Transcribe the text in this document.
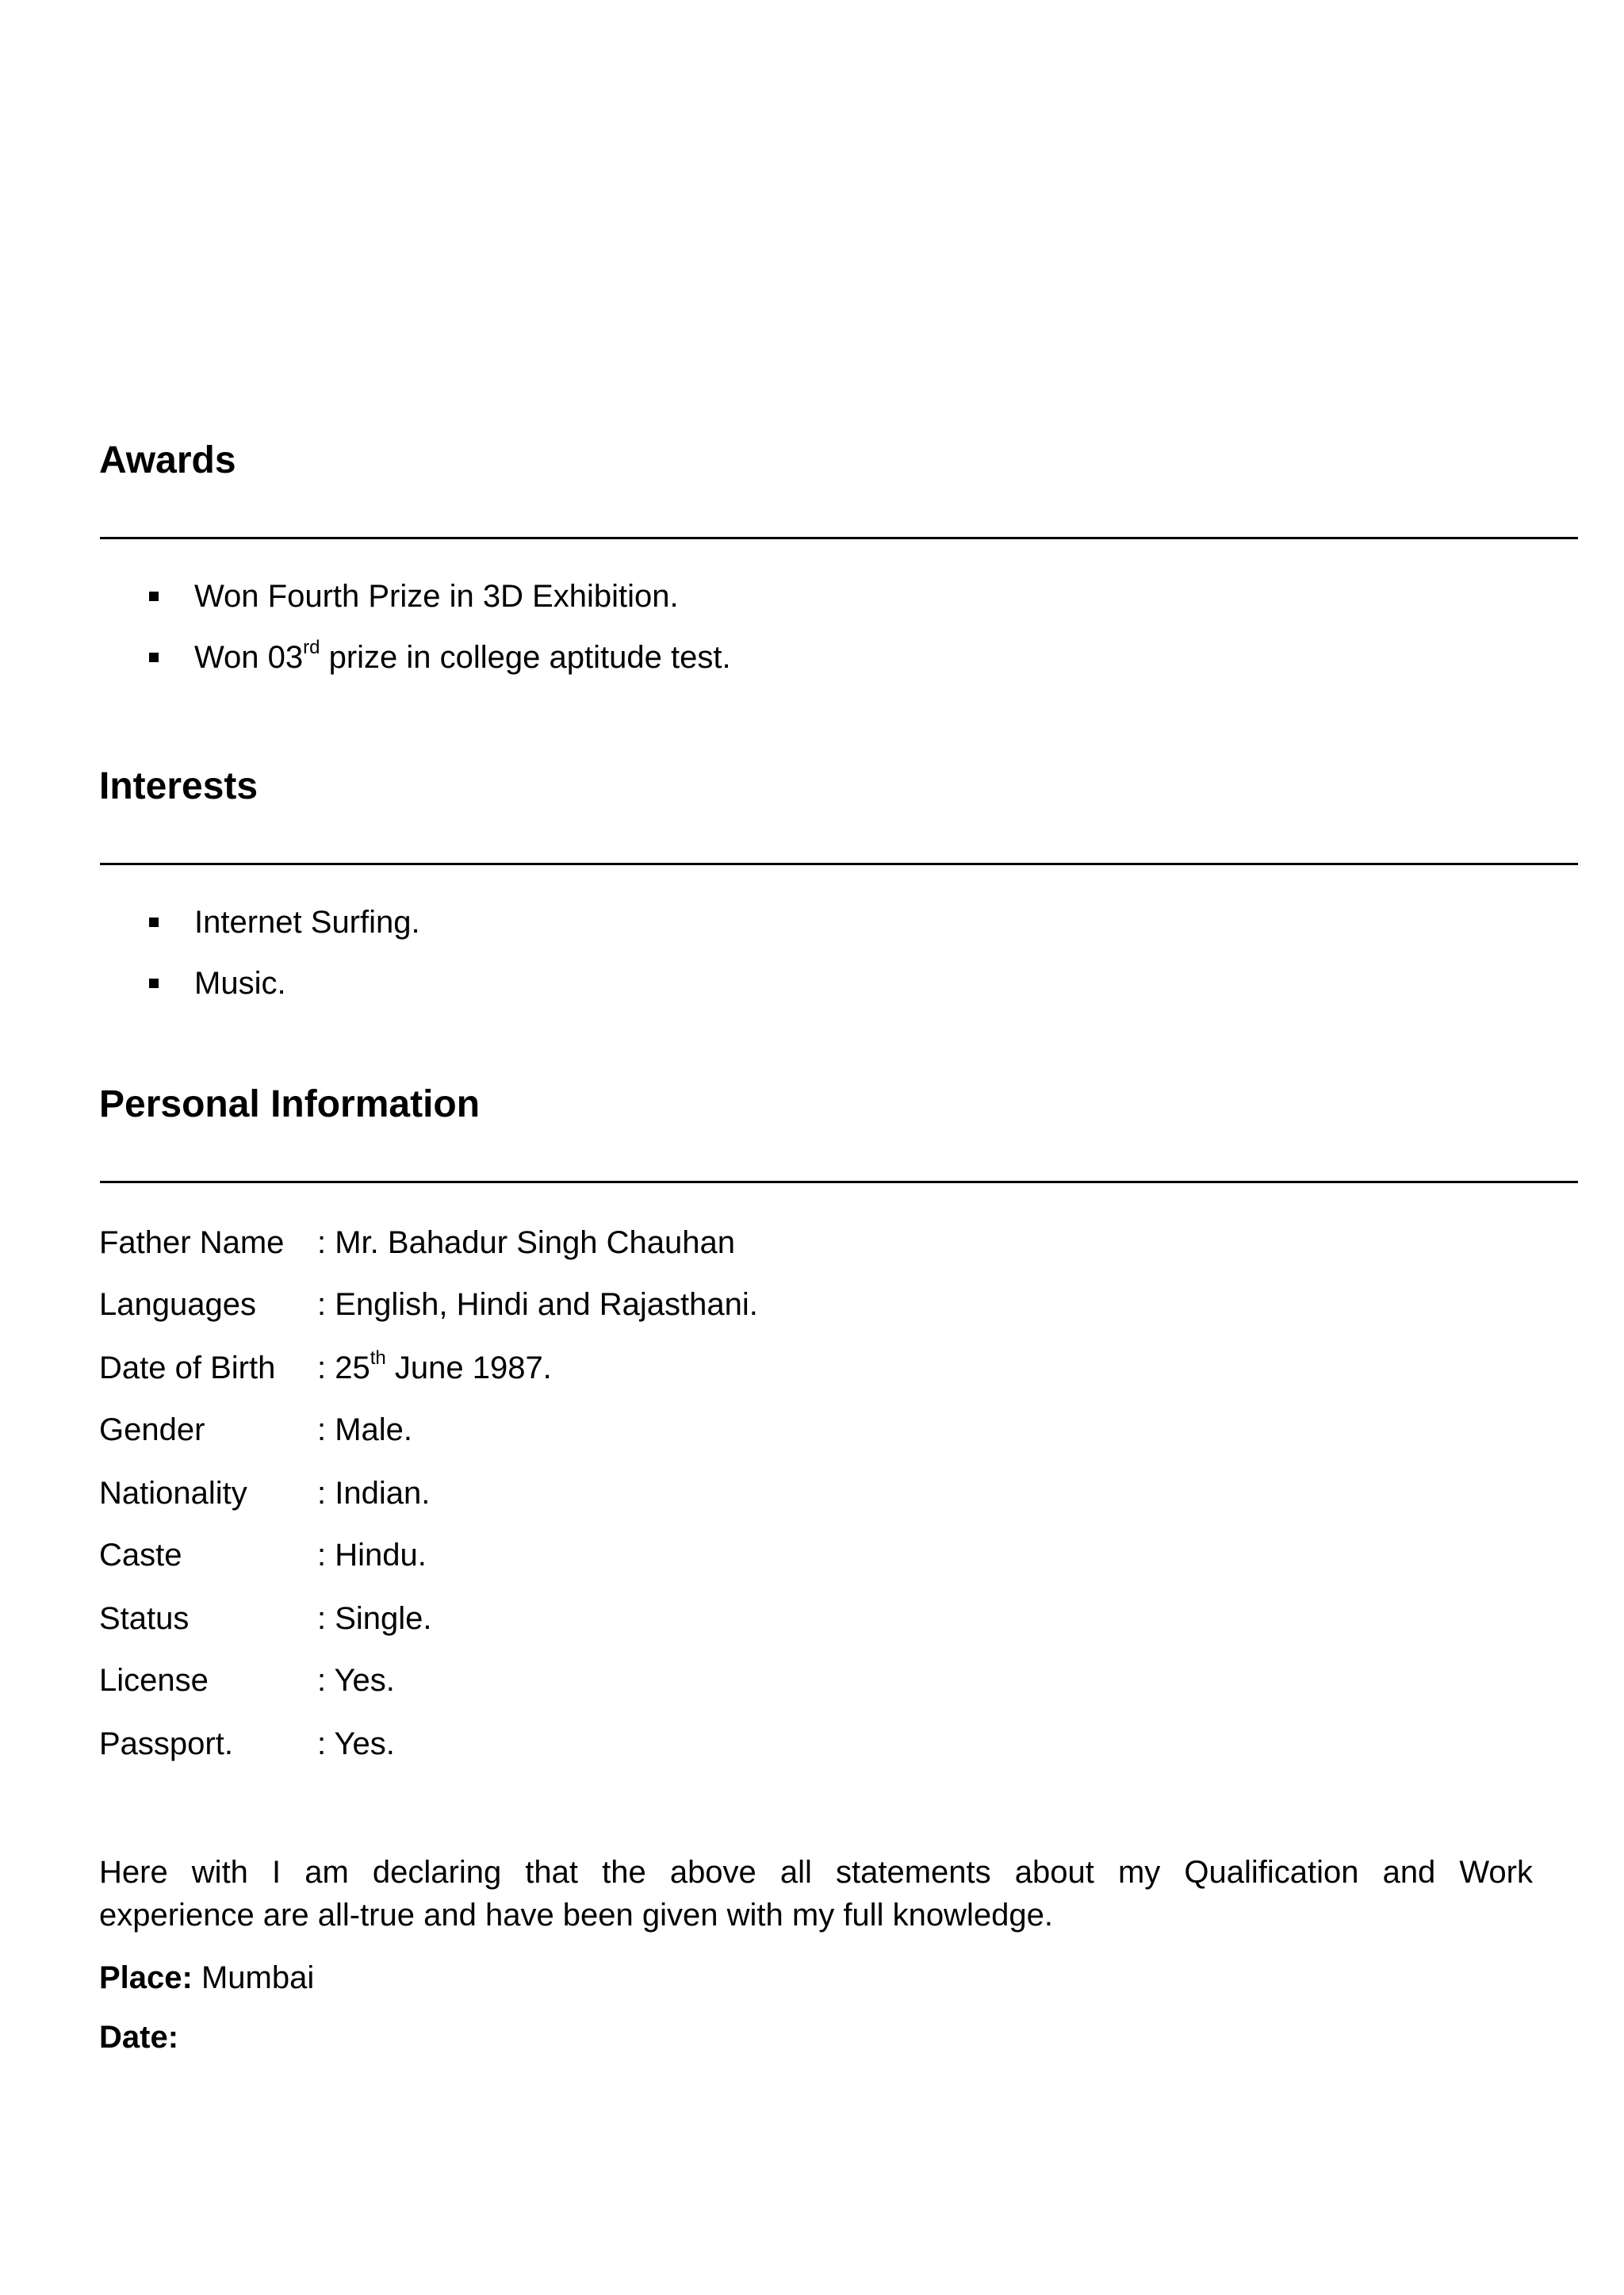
Awards
Won Fourth Prize in 3D Exhibition.
Won 03rd prize in college aptitude test.
Interests
Internet Surfing.
Music.
Personal Information
Father Name : Mr. Bahadur Singh Chauhan
Languages : English, Hindi and Rajasthani.
Date of Birth : 25th June 1987.
Gender	: Male.
Nationality : Indian.
Caste	: Hindu.
Status	: Single.
License	: Yes.
Passport.	: Yes.
Here with I am declaring that the above all statements about my Qualification and Work
experience are all-true and have been given with my full knowledge.
Place: Mumbai
Date:
